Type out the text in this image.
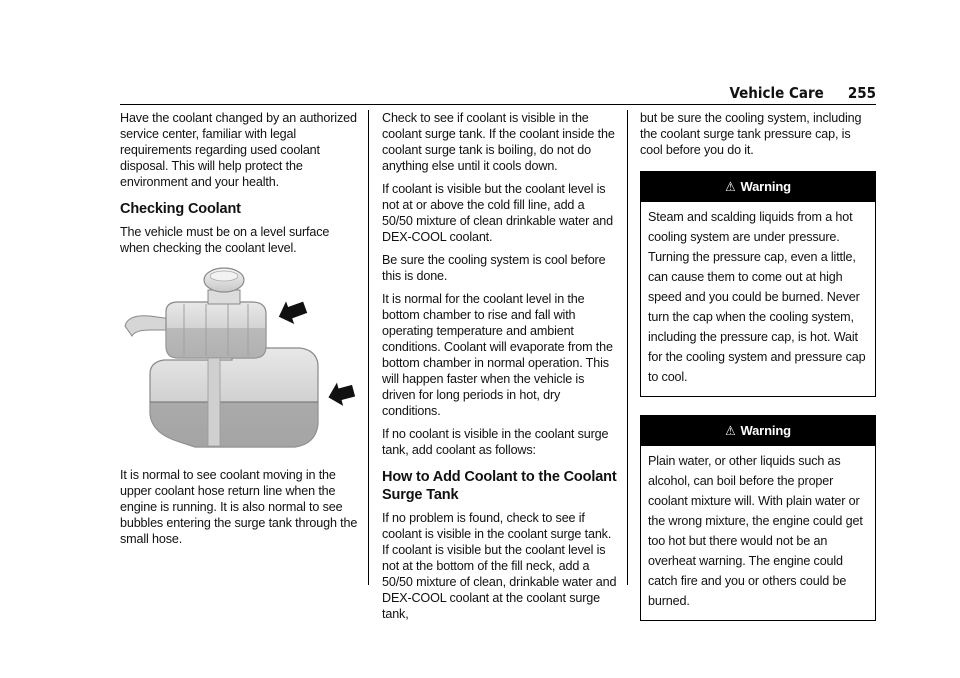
Vehicle Care 255

Have the coolant changed by an authorized service center, familiar with legal requirements regarding used coolant disposal. This will help protect the environment and your health.

Checking Coolant

The vehicle must be on a level surface when checking the coolant level.

It is normal to see coolant moving in the upper coolant hose return line when the engine is running. It is also normal to see bubbles entering the surge tank through the small hose.

Check to see if coolant is visible in the coolant surge tank. If the coolant inside the coolant surge tank is boiling, do not do anything else until it cools down.

If coolant is visible but the coolant level is not at or above the cold fill line, add a 50/50 mixture of clean drinkable water and DEX-COOL coolant.

Be sure the cooling system is cool before this is done.

It is normal for the coolant level in the bottom chamber to rise and fall with operating temperature and ambient conditions. Coolant will evaporate from the bottom chamber in normal operation. This will happen faster when the vehicle is driven for long periods in hot, dry conditions.

If no coolant is visible in the coolant surge tank, add coolant as follows:

How to Add Coolant to the Coolant Surge Tank

If no problem is found, check to see if coolant is visible in the coolant surge tank. If coolant is visible but the coolant level is not at the bottom of the fill neck, add a 50/50 mixture of clean, drinkable water and DEX-COOL coolant at the coolant surge tank,

but be sure the cooling system, including the coolant surge tank pressure cap, is cool before you do it.

⚠ Warning
Steam and scalding liquids from a hot cooling system are under pressure. Turning the pressure cap, even a little, can cause them to come out at high speed and you could be burned. Never turn the cap when the cooling system, including the pressure cap, is hot. Wait for the cooling system and pressure cap to cool.
⚠ Warning
Plain water, or other liquids such as alcohol, can boil before the proper coolant mixture will. With plain water or the wrong mixture, the engine could get too hot but there would not be an overheat warning. The engine could catch fire and you or others could be burned.
